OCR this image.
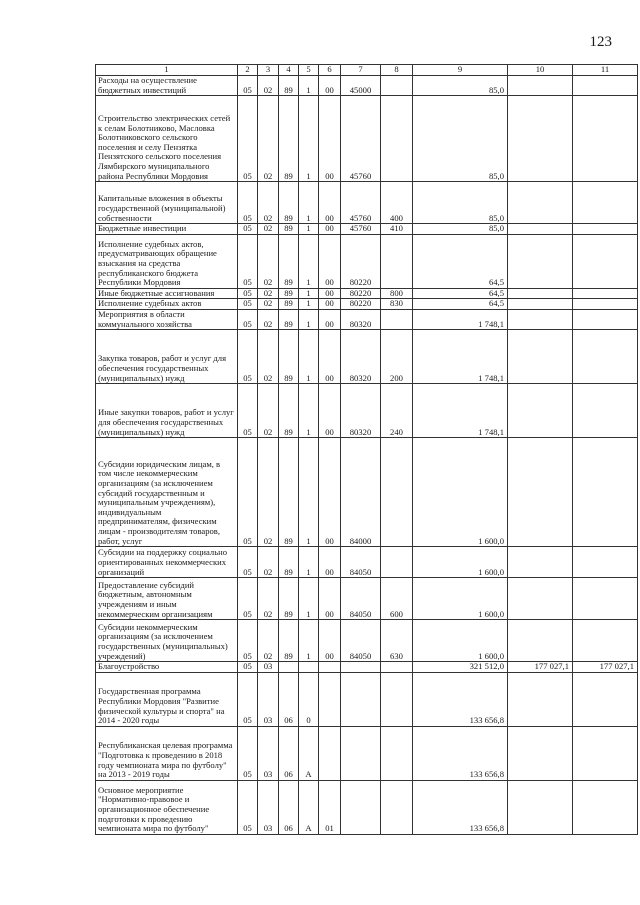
123
1	2	3	4	5	6	7	8	9	10	11
Расходы на осуществление бюджетных инвестиций	05	02	89	1	00	45000		85,0		
Строительство электрических сетей к селам Болотниково, Масловка Болотниковского сельского поселения и селу Пензятка Пензятского сельского поселения Лямбирского муниципального района Республики Мордовия	05	02	89	1	00	45760		85,0		
Капитальные вложения в объекты государственной (муниципальной) собственности	05	02	89	1	00	45760	400	85,0		
Бюджетные инвестиции	05	02	89	1	00	45760	410	85,0		
Исполнение судебных актов, предусматривающих обращение взыскания на средства республиканского бюджета Республики Мордовия	05	02	89	1	00	80220		64,5		
Иные бюджетные ассигнования	05	02	89	1	00	80220	800	64,5		
Исполнение судебных актов	05	02	89	1	00	80220	830	64,5		
Мероприятия в области коммунального хозяйства	05	02	89	1	00	80320		1 748,1		
Закупка товаров, работ и услуг для обеспечения государственных (муниципальных) нужд	05	02	89	1	00	80320	200	1 748,1		
Иные закупки товаров, работ и услуг для обеспечения государственных (муниципальных) нужд	05	02	89	1	00	80320	240	1 748,1		
Субсидии юридическим лицам, в том числе некоммерческим организациям (за исключением субсидий государственным и муниципальным учреждениям), индивидуальным предпринимателям, физическим лицам - производителям товаров, работ, услуг	05	02	89	1	00	84000		1 600,0		
Субсидии на поддержку социально ориентированных некоммерческих организаций	05	02	89	1	00	84050		1 600,0		
Предоставление субсидий бюджетным, автономным учреждениям и иным некоммерческим организациям	05	02	89	1	00	84050	600	1 600,0		
Субсидии некоммерческим организациям (за исключением государственных (муниципальных) учреждений)	05	02	89	1	00	84050	630	1 600,0		
Благоустройство	05	03						321 512,0	177 027,1	177 027,1
Государственная программа Республики Мордовия "Развитие физической культуры и спорта" на 2014 - 2020 годы	05	03	06	0				133 656,8		
Республиканская целевая программа "Подготовка к проведению в 2018 году чемпионата мира по футболу" на 2013 - 2019 годы	05	03	06	А				133 656,8		
Основное мероприятие "Нормативно-правовое и организационное обеспечение подготовки к проведению чемпионата мира по футболу"	05	03	06	А	01			133 656,8		
